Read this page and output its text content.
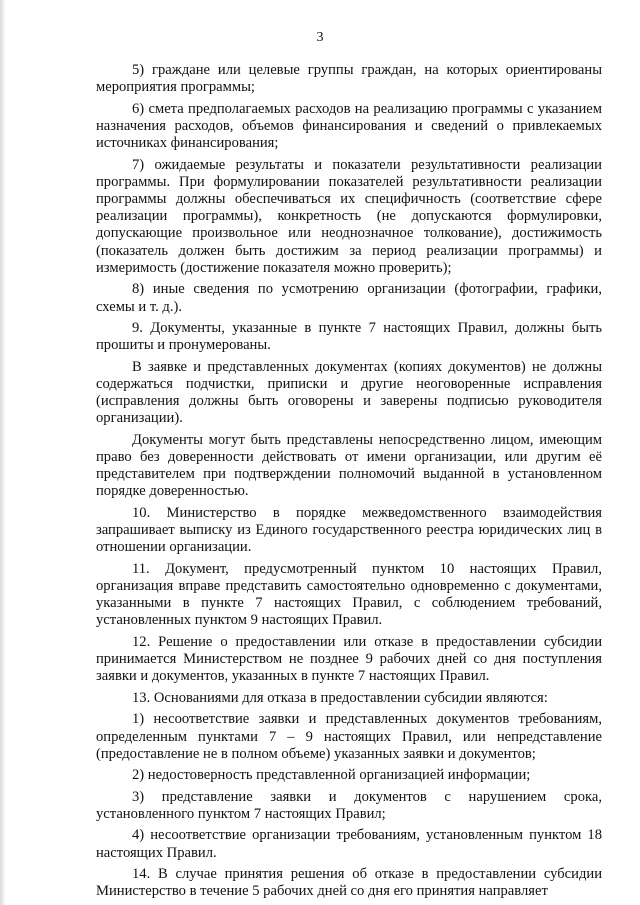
3

5) граждане или целевые группы граждан, на которых ориентированы мероприятия программы;

6) смета предполагаемых расходов на реализацию программы с указанием назначения расходов, объемов финансирования и сведений о привлекаемых источниках финансирования;

7) ожидаемые результаты и показатели результативности реализации программы. При формулировании показателей результативности реализации программы должны обеспечиваться их специфичность (соответствие сфере реализации программы), конкретность (не допускаются формулировки, допускающие произвольное или неоднозначное толкование), достижимость (показатель должен быть достижим за период реализации программы) и измеримость (достижение показателя можно проверить);

8) иные сведения по усмотрению организации (фотографии, графики, схемы и т. д.).

9. Документы, указанные в пункте 7 настоящих Правил, должны быть прошиты и пронумерованы.

В заявке и представленных документах (копиях документов) не должны содержаться подчистки, приписки и другие неоговоренные исправления (исправления должны быть оговорены и заверены подписью руководителя организации).

Документы могут быть представлены непосредственно лицом, имеющим право без доверенности действовать от имени организации, или другим её представителем при подтверждении полномочий выданной в установленном порядке доверенностью.

10. Министерство в порядке межведомственного взаимодействия запрашивает выписку из Единого государственного реестра юридических лиц в отношении организации.

11. Документ, предусмотренный пунктом 10 настоящих Правил, организация вправе представить самостоятельно одновременно с документами, указанными в пункте 7 настоящих Правил, с соблюдением требований, установленных пунктом 9 настоящих Правил.

12. Решение о предоставлении или отказе в предоставлении субсидии принимается Министерством не позднее 9 рабочих дней со дня поступления заявки и документов, указанных в пункте 7 настоящих Правил.

13. Основаниями для отказа в предоставлении субсидии являются:

1) несоответствие заявки и представленных документов требованиям, определенным пунктами 7 – 9 настоящих Правил, или непредставление (предоставление не в полном объеме) указанных заявки и документов;

2) недостоверность представленной организацией информации;

3) представление заявки и документов с нарушением срока, установленного пунктом 7 настоящих Правил;

4) несоответствие организации требованиям, установленным пунктом 18 настоящих Правил.

14. В случае принятия решения об отказе в предоставлении субсидии Министерство в течение 5 рабочих дней со дня его принятия направляет
